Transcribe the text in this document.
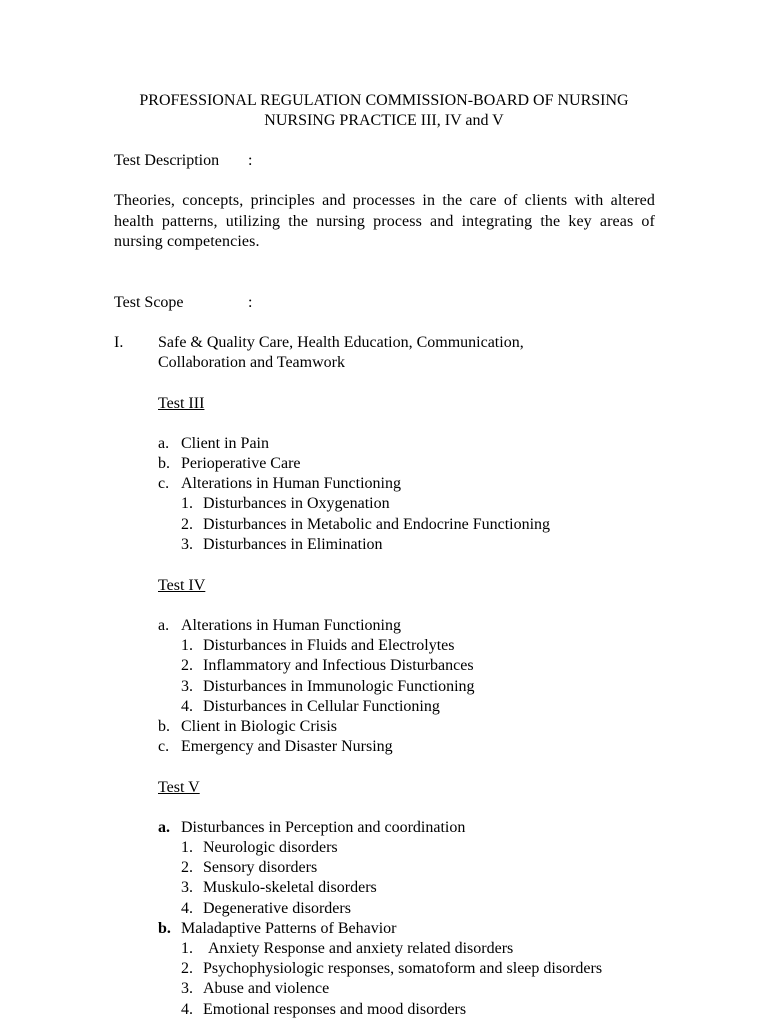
PROFESSIONAL REGULATION COMMISSION-BOARD OF NURSING
NURSING PRACTICE III, IV and V
Test Description :
Theories, concepts, principles and processes in the care of clients with altered health patterns, utilizing the nursing process and integrating the key areas of nursing competencies.
Test Scope	:
I. Safe & Quality Care, Health Education, Communication,
Collaboration and Teamwork
Test III
a. Client in Pain
b. Perioperative Care
c. Alterations in Human Functioning
1. Disturbances in Oxygenation
2. Disturbances in Metabolic and Endocrine Functioning
3. Disturbances in Elimination
Test IV
a. Alterations in Human Functioning
1. Disturbances in Fluids and Electrolytes
2. Inflammatory and Infectious Disturbances
3. Disturbances in Immunologic Functioning
4. Disturbances in Cellular Functioning
b. Client in Biologic Crisis
c. Emergency and Disaster Nursing
Test V
a. Disturbances in Perception and coordination
1. Neurologic disorders
2. Sensory disorders
3. Muskulo-skeletal disorders
4. Degenerative disorders
b. Maladaptive Patterns of Behavior
1. Anxiety Response and anxiety related disorders
2. Psychophysiologic responses, somatoform and sleep disorders
3. Abuse and violence
4. Emotional responses and mood disorders
